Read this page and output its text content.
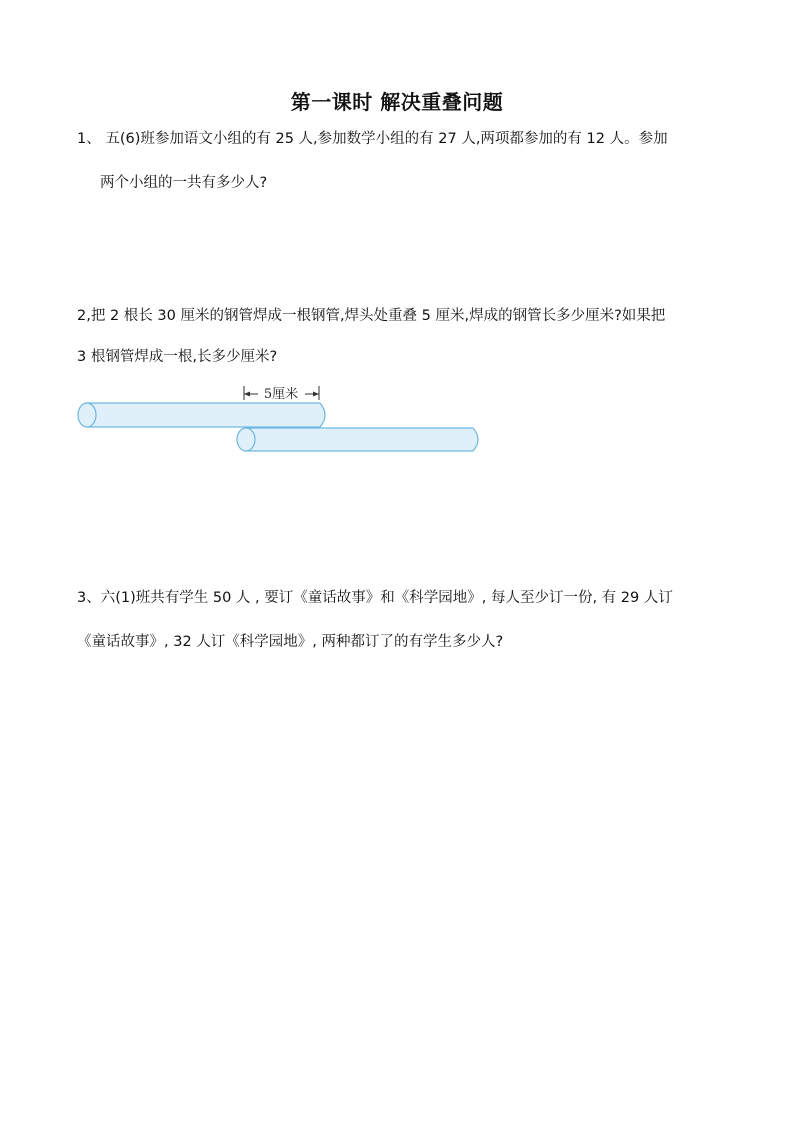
第一课时 解决重叠问题
1、 五(6)班参加语文小组的有 25 人,参加数学小组的有 27 人,两项都参加的有 12 人。参加
两个小组的一共有多少人?
2,把 2 根长 30 厘米的钢管焊成一根钢管,焊头处重叠 5 厘米,焊成的钢管长多少厘米?如果把
3 根钢管焊成一根,长多少厘米?
5厘米
3、六(1)班共有学生 50 人 , 要订《童话故事》和《科学园地》, 每人至少订一份, 有 29 人订
《童话故事》, 32 人订《科学园地》, 两种都订了的有学生多少人?
